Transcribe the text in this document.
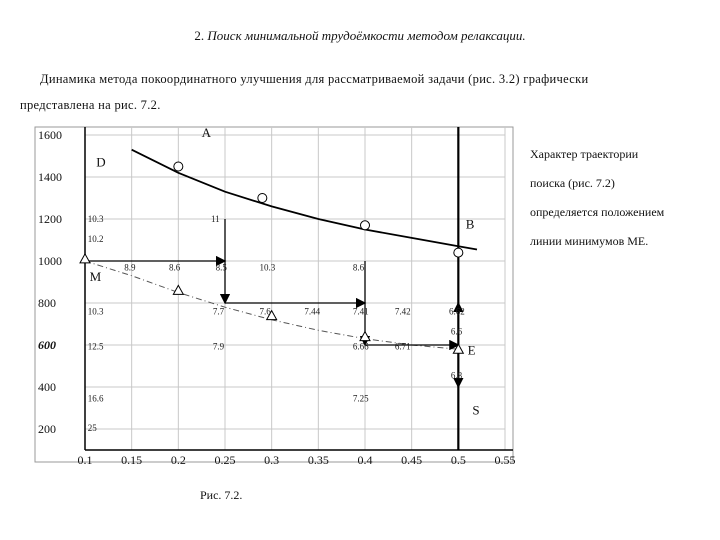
2. Поиск минимальной трудоёмкости методом релаксации.
Динамика метода покоординатного улучшения для рассматриваемой задачи (рис. 3.2) графически
представлена на рис. 7.2.
0.1 0.15 0.2 0.25 0.3 0.35 0.4 0.45 0.5 0.55
1600
1400
1200
1000
800
600
400
200
A
D
B
M
E
S
10.3
10.2
8.9	8.6	8.5	10.3	8.6
11
10.3	7.7	7.6	7.44	7.41	7.42	6.62
6.6
12.5	7.9	6.66	6.71
6.8
16.6	7.25
25
Характер траектории
поиска (рис. 7.2)
определяется положением
линии минимумов МЕ.
Рис. 7.2.
